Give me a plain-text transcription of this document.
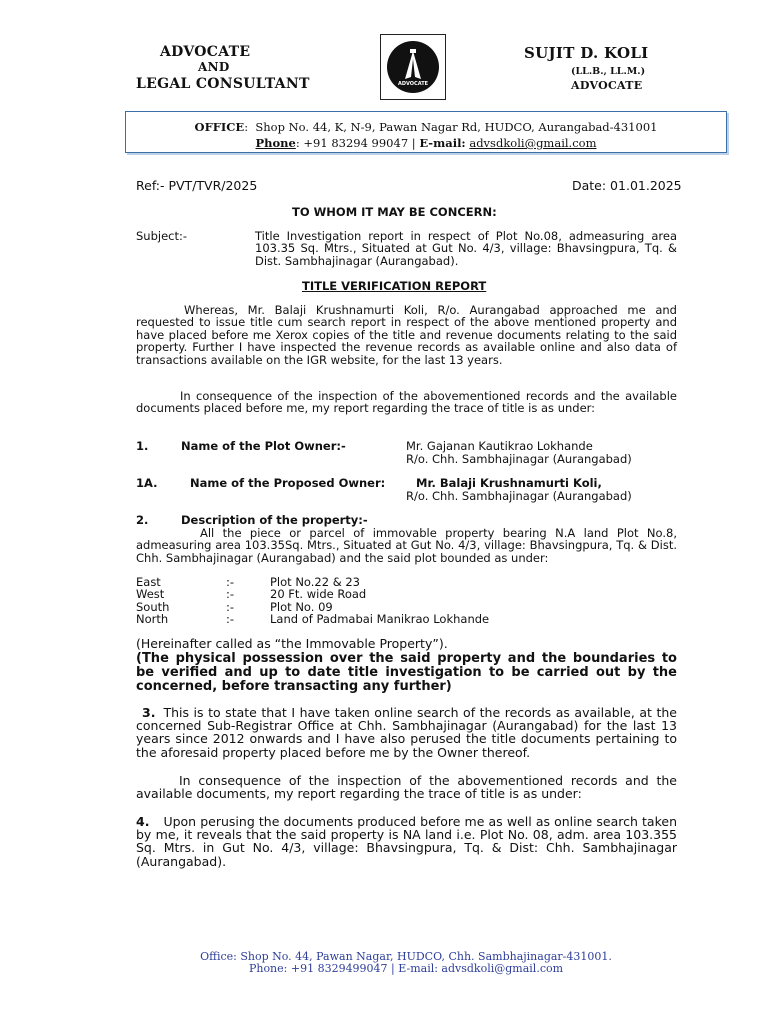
ADVOCATE
AND
LEGAL CONSULTANT	ADVOCATE
SUJIT D. KOLI
(LL.B., LL.M.)
ADVOCATE
OFFICE:  Shop No. 44, K, N-9, Pawan Nagar Rd, HUDCO, Aurangabad-431001
Phone: +91 83294 99047 | E-mail: advsdkoli@gmail.com
Ref:- PVT/TVR/2025	Date: 01.01.2025
TO WHOM IT MAY BE CONCERN:
Subject:-	Title Investigation report in respect of Plot No.08, admeasuring area 103.35 Sq. Mtrs., Situated at Gut No. 4/3, village: Bhavsingpura, Tq. & Dist. Sambhajinagar (Aurangabad).
TITLE VERIFICATION REPORT
Whereas, Mr. Balaji Krushnamurti Koli, R/o. Aurangabad approached me and requested to issue title cum search report in respect of the above mentioned property and have placed before me Xerox copies of the title and revenue documents relating to the said property. Further I have inspected the revenue records as available online and also data of transactions available on the IGR website, for the last 13 years.
In consequence of the inspection of the abovementioned records and the available documents placed before me, my report regarding the trace of title is as under:
1.	Name of the Plot Owner:-	Mr. Gajanan Kautikrao Lokhande
R/o. Chh. Sambhajinagar (Aurangabad)
1A.	Name of the Proposed Owner:	Mr. Balaji Krushnamurti Koli,
R/o. Chh. Sambhajinagar (Aurangabad)
2.	Description of the property:-
All the piece or parcel of immovable property bearing N.A land Plot No.8, admeasuring area 103.35Sq. Mtrs., Situated at Gut No. 4/3, village: Bhavsingpura, Tq. & Dist. Chh. Sambhajinagar (Aurangabad) and the said plot bounded as under:
East	:-	Plot No.22 & 23
West	:-	20 Ft. wide Road
South	:-	Plot No. 09
North	:-	Land of Padmabai Manikrao Lokhande
(Hereinafter called as “the Immovable Property”).
(The physical possession over the said property and the boundaries to be verified and up to date title investigation to be carried out by the concerned, before transacting any further)
3. This is to state that I have taken online search of the records as available, at the concerned Sub-Registrar Office at Chh. Sambhajinagar (Aurangabad) for the last 13 years since 2012 onwards and I have also perused the title documents pertaining to the aforesaid property placed before me by the Owner thereof.
In consequence of the inspection of the abovementioned records and the available documents, my report regarding the trace of title is as under:
4. Upon perusing the documents produced before me as well as online search taken by me, it reveals that the said property is NA land i.e. Plot No. 08, adm. area 103.355 Sq. Mtrs. in Gut No. 4/3, village: Bhavsingpura, Tq. & Dist: Chh. Sambhajinagar (Aurangabad).
Office: Shop No. 44, Pawan Nagar, HUDCO, Chh. Sambhajinagar-431001.
Phone: +91 8329499047 | E-mail: advsdkoli@gmail.com
